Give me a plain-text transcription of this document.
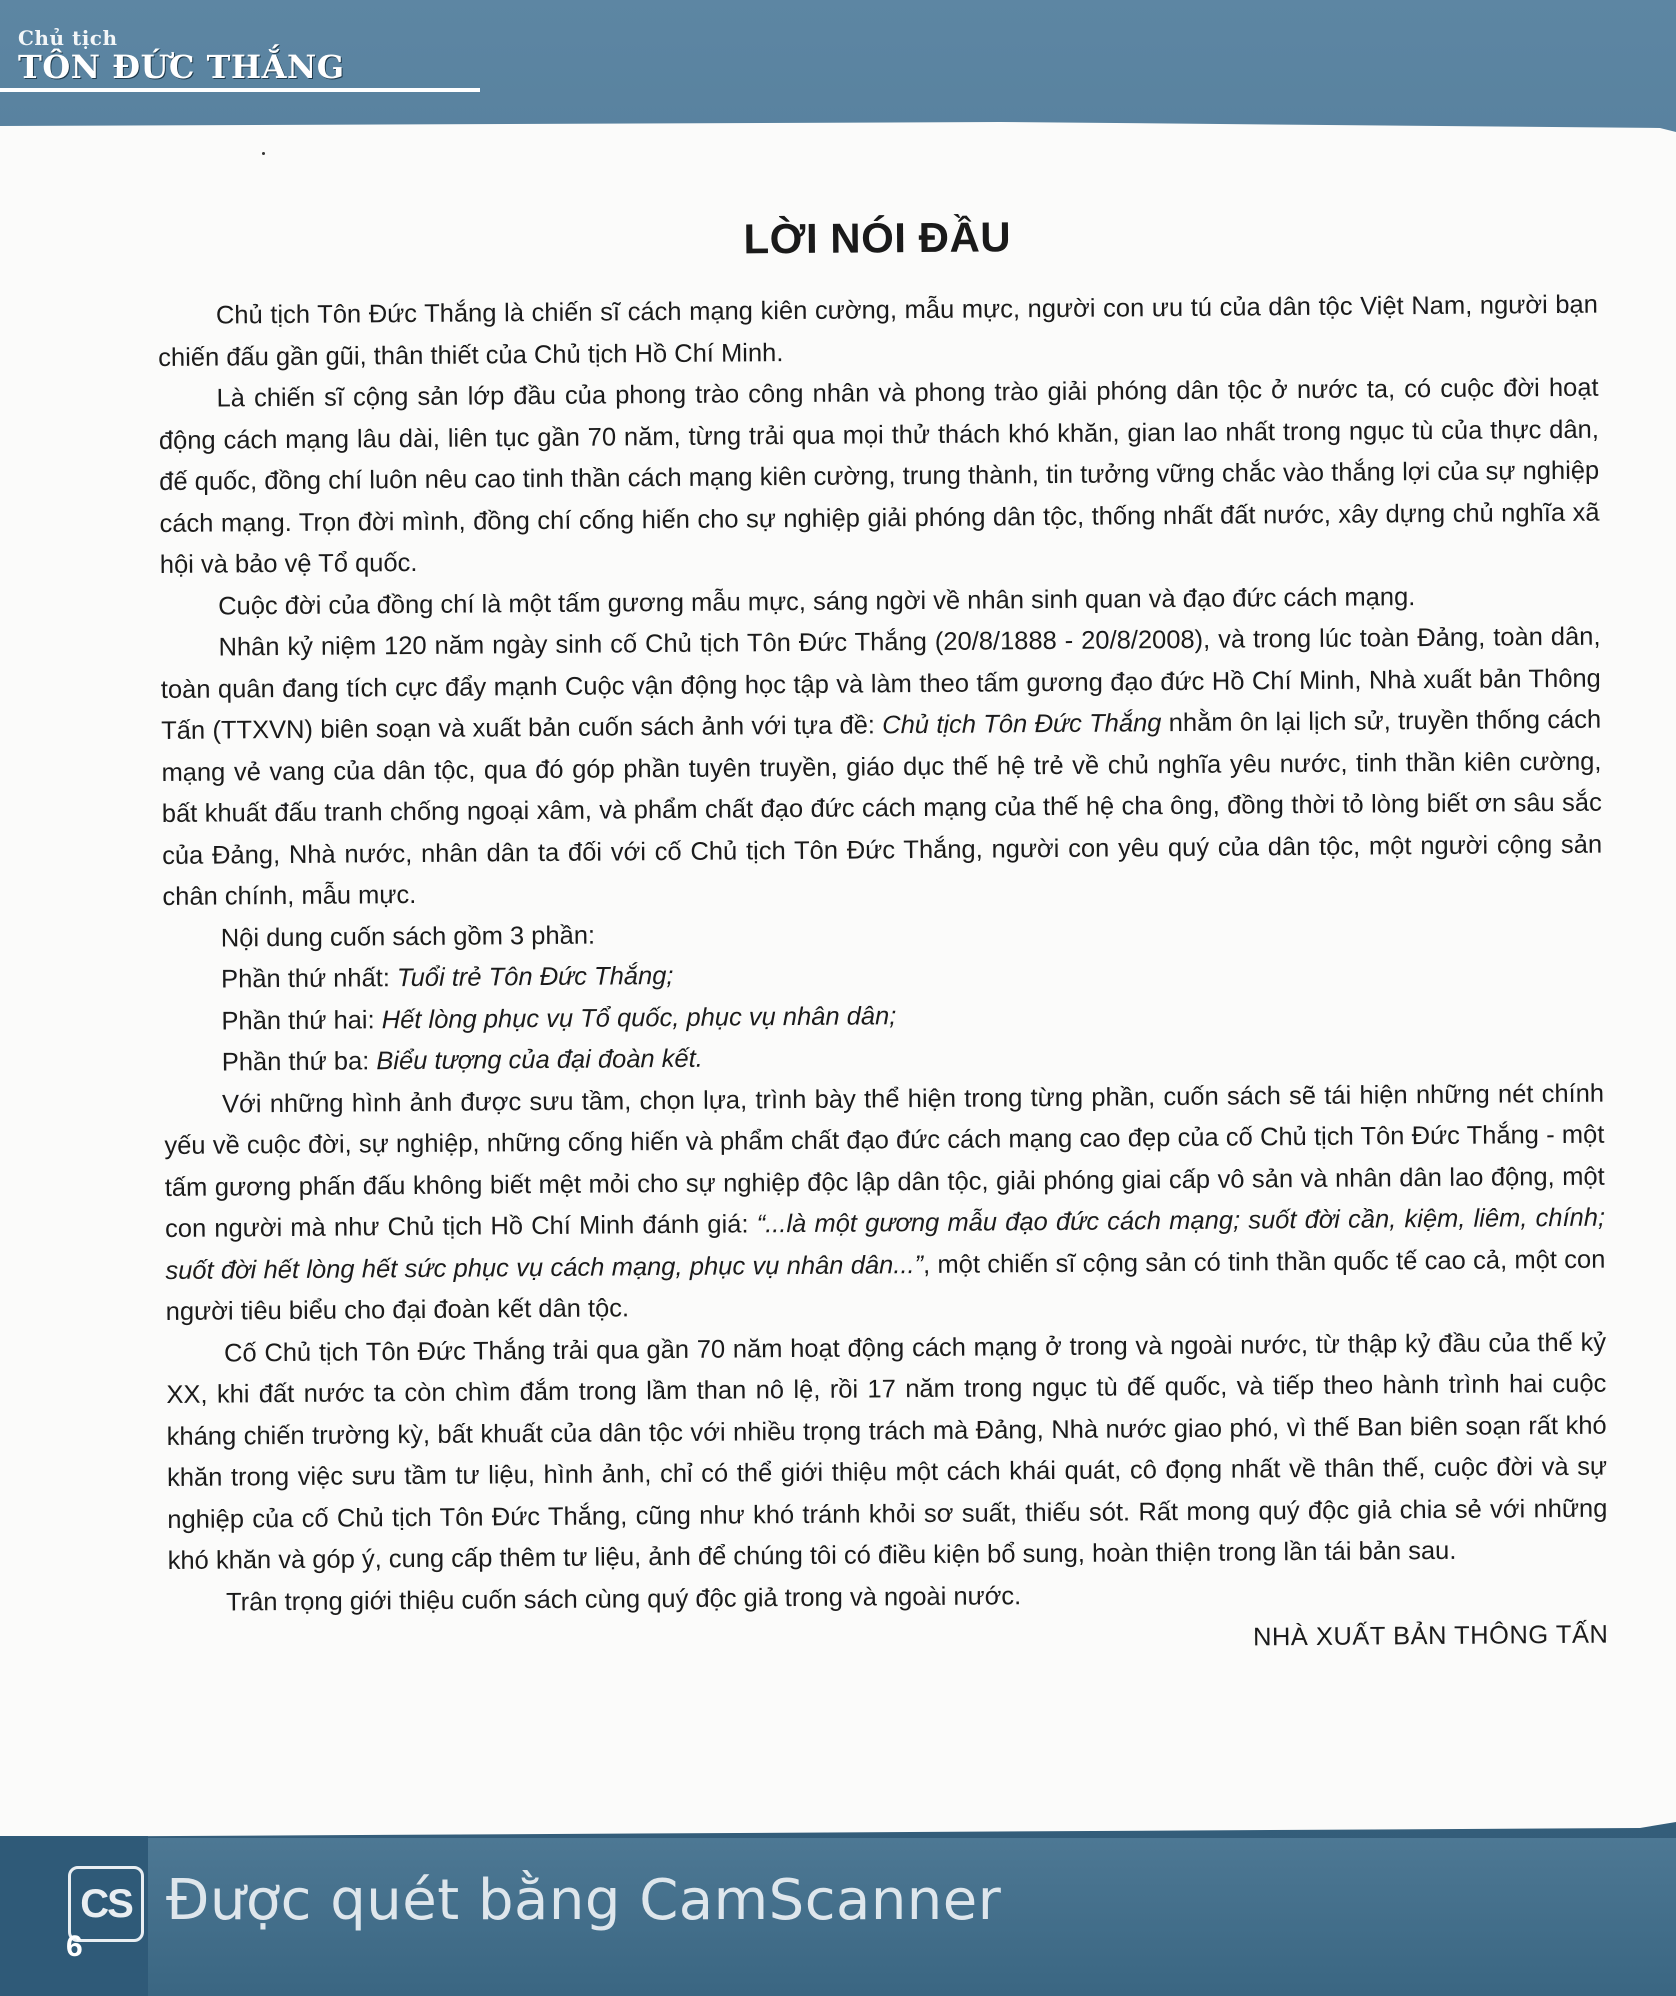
Chủ tịch
TÔN ĐỨC THẮNG
LỜI NÓI ĐẦU

Chủ tịch Tôn Đức Thắng là chiến sĩ cách mạng kiên cường, mẫu mực, người con ưu tú của dân tộc Việt Nam, người bạn chiến đấu gần gũi, thân thiết của Chủ tịch Hồ Chí Minh.

Là chiến sĩ cộng sản lớp đầu của phong trào công nhân và phong trào giải phóng dân tộc ở nước ta, có cuộc đời hoạt động cách mạng lâu dài, liên tục gần 70 năm, từng trải qua mọi thử thách khó khăn, gian lao nhất trong ngục tù của thực dân, đế quốc, đồng chí luôn nêu cao tinh thần cách mạng kiên cường, trung thành, tin tưởng vững chắc vào thắng lợi của sự nghiệp cách mạng. Trọn đời mình, đồng chí cống hiến cho sự nghiệp giải phóng dân tộc, thống nhất đất nước, xây dựng chủ nghĩa xã hội và bảo vệ Tổ quốc.

Cuộc đời của đồng chí là một tấm gương mẫu mực, sáng ngời về nhân sinh quan và đạo đức cách mạng.

Nhân kỷ niệm 120 năm ngày sinh cố Chủ tịch Tôn Đức Thắng (20/8/1888 - 20/8/2008), và trong lúc toàn Đảng, toàn dân, toàn quân đang tích cực đẩy mạnh Cuộc vận động học tập và làm theo tấm gương đạo đức Hồ Chí Minh, Nhà xuất bản Thông Tấn (TTXVN) biên soạn và xuất bản cuốn sách ảnh với tựa đề: Chủ tịch Tôn Đức Thắng nhằm ôn lại lịch sử, truyền thống cách mạng vẻ vang của dân tộc, qua đó góp phần tuyên truyền, giáo dục thế hệ trẻ về chủ nghĩa yêu nước, tinh thần kiên cường, bất khuất đấu tranh chống ngoại xâm, và phẩm chất đạo đức cách mạng của thế hệ cha ông, đồng thời tỏ lòng biết ơn sâu sắc của Đảng, Nhà nước, nhân dân ta đối với cố Chủ tịch Tôn Đức Thắng, người con yêu quý của dân tộc, một người cộng sản chân chính, mẫu mực.

Nội dung cuốn sách gồm 3 phần:

Phần thứ nhất: Tuổi trẻ Tôn Đức Thắng;

Phần thứ hai: Hết lòng phục vụ Tổ quốc, phục vụ nhân dân;

Phần thứ ba: Biểu tượng của đại đoàn kết.

Với những hình ảnh được sưu tầm, chọn lựa, trình bày thể hiện trong từng phần, cuốn sách sẽ tái hiện những nét chính yếu về cuộc đời, sự nghiệp, những cống hiến và phẩm chất đạo đức cách mạng cao đẹp của cố Chủ tịch Tôn Đức Thắng - một tấm gương phấn đấu không biết mệt mỏi cho sự nghiệp độc lập dân tộc, giải phóng giai cấp vô sản và nhân dân lao động, một con người mà như Chủ tịch Hồ Chí Minh đánh giá: “...là một gương mẫu đạo đức cách mạng; suốt đời cần, kiệm, liêm, chính; suốt đời hết lòng hết sức phục vụ cách mạng, phục vụ nhân dân...”, một chiến sĩ cộng sản có tinh thần quốc tế cao cả, một con người tiêu biểu cho đại đoàn kết dân tộc.

Cố Chủ tịch Tôn Đức Thắng trải qua gần 70 năm hoạt động cách mạng ở trong và ngoài nước, từ thập kỷ đầu của thế kỷ XX, khi đất nước ta còn chìm đắm trong lầm than nô lệ, rồi 17 năm trong ngục tù đế quốc, và tiếp theo hành trình hai cuộc kháng chiến trường kỳ, bất khuất của dân tộc với nhiều trọng trách mà Đảng, Nhà nước giao phó, vì thế Ban biên soạn rất khó khăn trong việc sưu tầm tư liệu, hình ảnh, chỉ có thể giới thiệu một cách khái quát, cô đọng nhất về thân thế, cuộc đời và sự nghiệp của cố Chủ tịch Tôn Đức Thắng, cũng như khó tránh khỏi sơ suất, thiếu sót. Rất mong quý độc giả chia sẻ với những khó khăn và góp ý, cung cấp thêm tư liệu, ảnh để chúng tôi có điều kiện bổ sung, hoàn thiện trong lần tái bản sau.

Trân trọng giới thiệu cuốn sách cùng quý độc giả trong và ngoài nước.

NHÀ XUẤT BẢN THÔNG TẤN
CS Được quét bằng CamScanner
6
